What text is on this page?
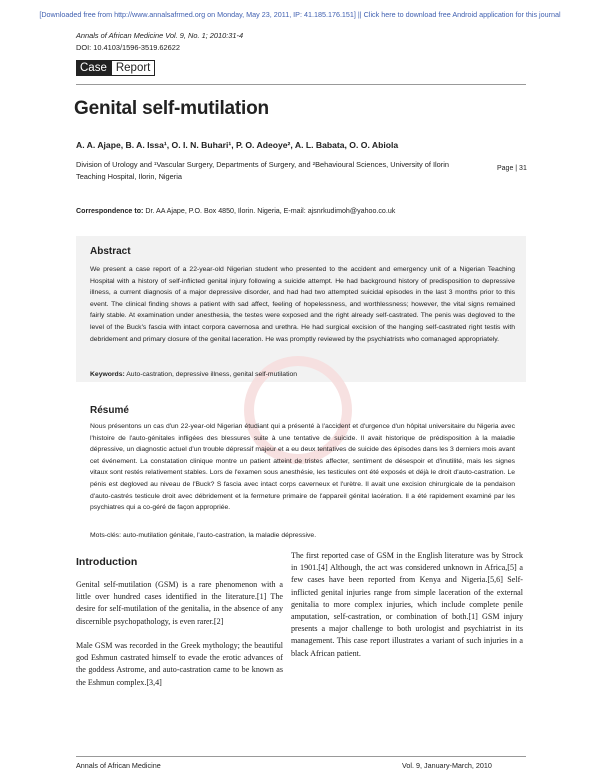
[Downloaded free from http://www.annalsafrmed.org on Monday, May 23, 2011, IP: 41.185.176.151] || Click here to download free Android application for this journal
Annals of African Medicine Vol. 9, No. 1; 2010:31-4
DOI: 10.4103/1596-3519.62622
Case Report
Genital self-mutilation
A. A. Ajape, B. A. Issa¹, O. I. N. Buhari¹, P. O. Adeoye², A. L. Babata, O. O. Abiola
Division of Urology and ¹Vascular Surgery, Departments of Surgery, and ²Behavioural Sciences, University of Ilorin Teaching Hospital, Ilorin, Nigeria
Page | 31
Correspondence to: Dr. AA Ajape, P.O. Box 4850, Ilorin. Nigeria, E-mail: ajsnrkudimoh@yahoo.co.uk
Abstract
We present a case report of a 22-year-old Nigerian student who presented to the accident and emergency unit of a Nigerian Teaching Hospital with a history of self-inflicted genital injury following a suicide attempt. He had background history of predisposition to depressive illness, a current diagnosis of a major depressive disorder, and had had two attempted suicidal episodes in the last 3 months prior to this event. The clinical finding shows a patient with sad affect, feeling of hopelessness, and worthlessness; however, the vital signs remained fairly stable. At examination under anesthesia, the testes were exposed and the right already self-castrated. The penis was degloved to the level of the Buck's fascia with intact corpora cavernosa and urethra. He had surgical excision of the hanging self-castrated right testis with debridement and primary closure of the genital laceration. He was promptly reviewed by the psychiatrists who comanaged appropriately.
Keywords: Auto-castration, depressive illness, genital self-mutilation
Résumé
Nous présentons un cas d'un 22-year-old Nigerian étudiant qui a présenté à l'accident et d'urgence d'un hôpital universitaire du Nigeria avec l'histoire de l'auto-génitales infligées des blessures suite à une tentative de suicide. Il avait historique de prédisposition à la maladie dépressive, un diagnostic actuel d'un trouble dépressif majeur et a eu deux tentatives de suicide des épisodes dans les 3 derniers mois avant cet événement. La constatation clinique montre un patient atteint de tristes affecter, sentiment de désespoir et d'inutilité, mais les signes vitaux sont restés relativement stables. Lors de l'examen sous anesthésie, les testicules ont été exposés et déjà le droit d'auto-castration. Le pénis est degloved au niveau de l'Buck? S fascia avec intact corps caverneux et l'urètre. Il avait une excision chirurgicale de la pendaison d'auto-castrés testicule droit avec débridement et la fermeture primaire de l'appareil génital lacération. Il a été rapidement examiné par les psychiatres qui a co-géré de façon appropriée.
Mots-clés: auto-mutilation génitale, l'auto-castration, la maladie dépressive.
Introduction

Genital self-mutilation (GSM) is a rare phenomenon with a little over hundred cases identified in the literature.[1] The desire for self-mutilation of the genitalia, in the absence of any discernible psychopathology, is even rarer.[2]

Male GSM was recorded in the Greek mythology; the beautiful god Eshmun castrated himself to evade the erotic advances of the goddess Astrome, and auto-castration came to be known as the Eshmun complex.[3,4]

The first reported case of GSM in the English literature was by Strock in 1901.[4] Although, the act was considered unknown in Africa,[5] a few cases have been reported from Kenya and Nigeria.[5,6] Self-inflicted genital injuries range from simple laceration of the external genitalia to more complex injuries, which include complete penile amputation, self-castration, or combination of both.[1] GSM injury presents a major challenge to both urologist and psychiatrist in its management. This case report illustrates a variant of such injuries in a black African patient.

Annals of African Medicine	Vol. 9, January-March, 2010
